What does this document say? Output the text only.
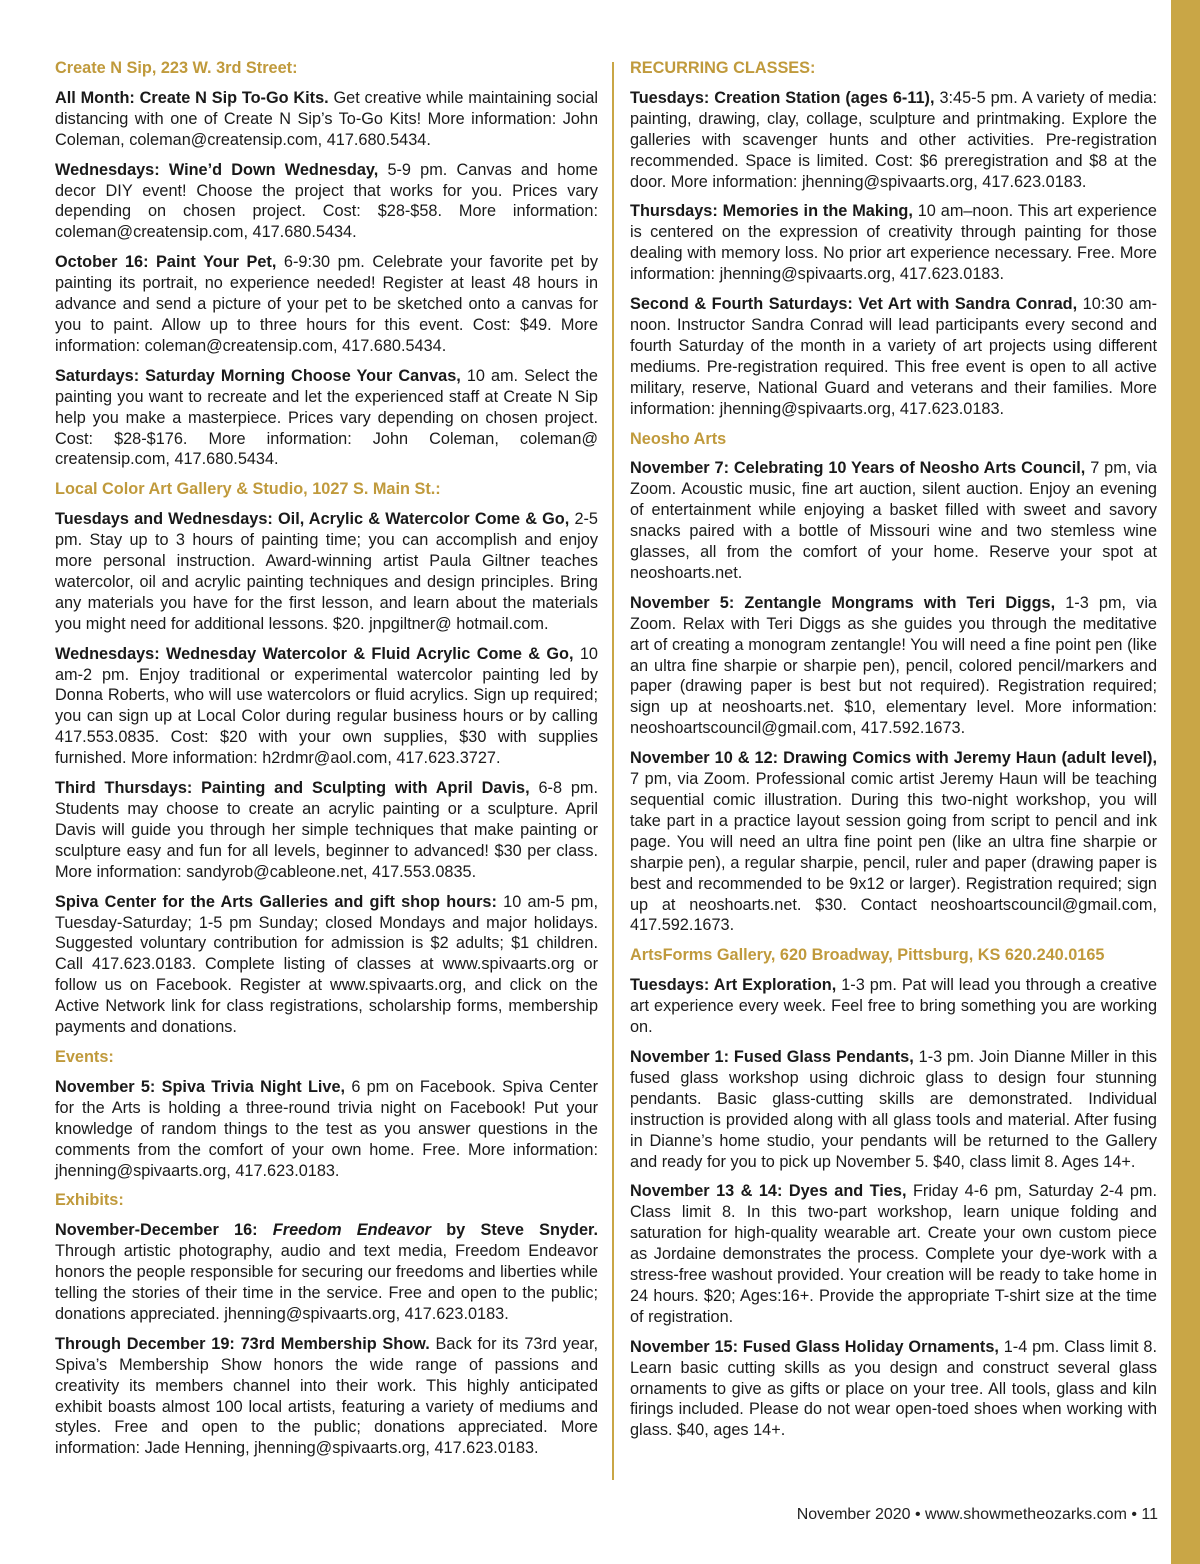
Create N Sip, 223 W. 3rd Street:

All Month: Create N Sip To-Go Kits. Get creative while maintaining social distancing with one of Create N Sip’s To-Go Kits! More information: John Coleman, coleman@creatensip.com, 417.680.5434.

Wednesdays: Wine’d Down Wednesday, 5-9 pm. Canvas and home decor DIY event! Choose the project that works for you. Prices vary depending on chosen project. Cost: $28-$58. More information: coleman@creatensip.com, 417.680.5434.

October 16: Paint Your Pet, 6-9:30 pm. Celebrate your favorite pet by painting its portrait, no experience needed! Register at least 48 hours in advance and send a picture of your pet to be sketched onto a canvas for you to paint. Allow up to three hours for this event. Cost: $49. More information: coleman@creatensip.com, 417.680.5434.

Saturdays: Saturday Morning Choose Your Canvas, 10 am. Select the painting you want to recreate and let the experienced staff at Create N Sip help you make a masterpiece. Prices vary depending on chosen project. Cost: $28-$176. More information: John Coleman, coleman@ creatensip.com, 417.680.5434.

Local Color Art Gallery & Studio, 1027 S. Main St.:

Tuesdays and Wednesdays: Oil, Acrylic & Watercolor Come & Go, 2-5 pm. Stay up to 3 hours of painting time; you can accomplish and enjoy more personal instruction. Award-winning artist Paula Giltner teaches watercolor, oil and acrylic painting techniques and design principles. Bring any materials you have for the first lesson, and learn about the materials you might need for additional lessons. $20. jnpgiltner@ hotmail.com.

Wednesdays: Wednesday Watercolor & Fluid Acrylic Come & Go, 10 am-2 pm. Enjoy traditional or experimental watercolor painting led by Donna Roberts, who will use watercolors or fluid acrylics. Sign up required; you can sign up at Local Color during regular business hours or by calling 417.553.0835. Cost: $20 with your own supplies, $30 with supplies furnished. More information: h2rdmr@aol.com, 417.623.3727.

Third Thursdays: Painting and Sculpting with April Davis, 6-8 pm. Students may choose to create an acrylic painting or a sculpture. April Davis will guide you through her simple techniques that make painting or sculpture easy and fun for all levels, beginner to advanced! $30 per class. More information: sandyrob@cableone.net, 417.553.0835.

Spiva Center for the Arts Galleries and gift shop hours: 10 am-5 pm, Tuesday-Saturday; 1-5 pm Sunday; closed Mondays and major holidays. Suggested voluntary contribution for admission is $2 adults; $1 children. Call 417.623.0183. Complete listing of classes at www.spivaarts.org or follow us on Facebook. Register at www.spivaarts.org, and click on the Active Network link for class registrations, scholarship forms, membership payments and donations.

Events:

November 5: Spiva Trivia Night Live, 6 pm on Facebook. Spiva Center for the Arts is holding a three-round trivia night on Facebook! Put your knowledge of random things to the test as you answer questions in the comments from the comfort of your own home. Free. More information: jhenning@spivaarts.org, 417.623.0183.

Exhibits:

November-December 16: Freedom Endeavor by Steve Snyder. Through artistic photography, audio and text media, Freedom Endeavor honors the people responsible for securing our freedoms and liberties while telling the stories of their time in the service. Free and open to the public; donations appreciated. jhenning@spivaarts.org, 417.623.0183.

Through December 19: 73rd Membership Show. Back for its 73rd year, Spiva’s Membership Show honors the wide range of passions and creativity its members channel into their work. This highly anticipated exhibit boasts almost 100 local artists, featuring a variety of mediums and styles. Free and open to the public; donations appreciated. More information: Jade Henning, jhenning@spivaarts.org, 417.623.0183.

RECURRING CLASSES:

Tuesdays: Creation Station (ages 6-11), 3:45-5 pm. A variety of media: painting, drawing, clay, collage, sculpture and printmaking. Explore the galleries with scavenger hunts and other activities. Pre-registration recommended. Space is limited. Cost: $6 preregistration and $8 at the door. More information: jhenning@spivaarts.org, 417.623.0183.

Thursdays: Memories in the Making, 10 am–noon. This art experience is centered on the expression of creativity through painting for those dealing with memory loss. No prior art experience necessary. Free. More information: jhenning@spivaarts.org, 417.623.0183.

Second & Fourth Saturdays: Vet Art with Sandra Conrad, 10:30 am-noon. Instructor Sandra Conrad will lead participants every second and fourth Saturday of the month in a variety of art projects using different mediums. Pre-registration required. This free event is open to all active military, reserve, National Guard and veterans and their families. More information: jhenning@spivaarts.org, 417.623.0183.

Neosho Arts

November 7: Celebrating 10 Years of Neosho Arts Council, 7 pm, via Zoom. Acoustic music, fine art auction, silent auction. Enjoy an evening of entertainment while enjoying a basket filled with sweet and savory snacks paired with a bottle of Missouri wine and two stemless wine glasses, all from the comfort of your home. Reserve your spot at neoshoarts.net.

November 5: Zentangle Mongrams with Teri Diggs, 1-3 pm, via Zoom. Relax with Teri Diggs as she guides you through the meditative art of creating a monogram zentangle! You will need a fine point pen (like an ultra fine sharpie or sharpie pen), pencil, colored pencil/markers and paper (drawing paper is best but not required). Registration required; sign up at neoshoarts.net. $10, elementary level. More information: neoshoartscouncil@gmail.com, 417.592.1673.

November 10 & 12: Drawing Comics with Jeremy Haun (adult level), 7 pm, via Zoom. Professional comic artist Jeremy Haun will be teaching sequential comic illustration. During this two-night workshop, you will take part in a practice layout session going from script to pencil and ink page. You will need an ultra fine point pen (like an ultra fine sharpie or sharpie pen), a regular sharpie, pencil, ruler and paper (drawing paper is best and recommended to be 9x12 or larger). Registration required; sign up at neoshoarts.net. $30. Contact neoshoartscouncil@gmail.com, 417.592.1673.

ArtsForms Gallery, 620 Broadway, Pittsburg, KS 620.240.0165

Tuesdays: Art Exploration, 1-3 pm. Pat will lead you through a creative art experience every week. Feel free to bring something you are working on.

November 1: Fused Glass Pendants, 1-3 pm. Join Dianne Miller in this fused glass workshop using dichroic glass to design four stunning pendants. Basic glass-cutting skills are demonstrated. Individual instruction is provided along with all glass tools and material. After fusing in Dianne’s home studio, your pendants will be returned to the Gallery and ready for you to pick up November 5. $40, class limit 8. Ages 14+.

November 13 & 14: Dyes and Ties, Friday 4-6 pm, Saturday 2-4 pm. Class limit 8. In this two-part workshop, learn unique folding and saturation for high-quality wearable art. Create your own custom piece as Jordaine demonstrates the process. Complete your dye-work with a stress-free washout provided. Your creation will be ready to take home in 24 hours. $20; Ages:16+. Provide the appropriate T-shirt size at the time of registration.

November 15: Fused Glass Holiday Ornaments, 1-4 pm. Class limit 8. Learn basic cutting skills as you design and construct several glass ornaments to give as gifts or place on your tree. All tools, glass and kiln firings included. Please do not wear open-toed shoes when working with glass. $40, ages 14+.

November 2020 • www.showmetheozarks.com • 11
